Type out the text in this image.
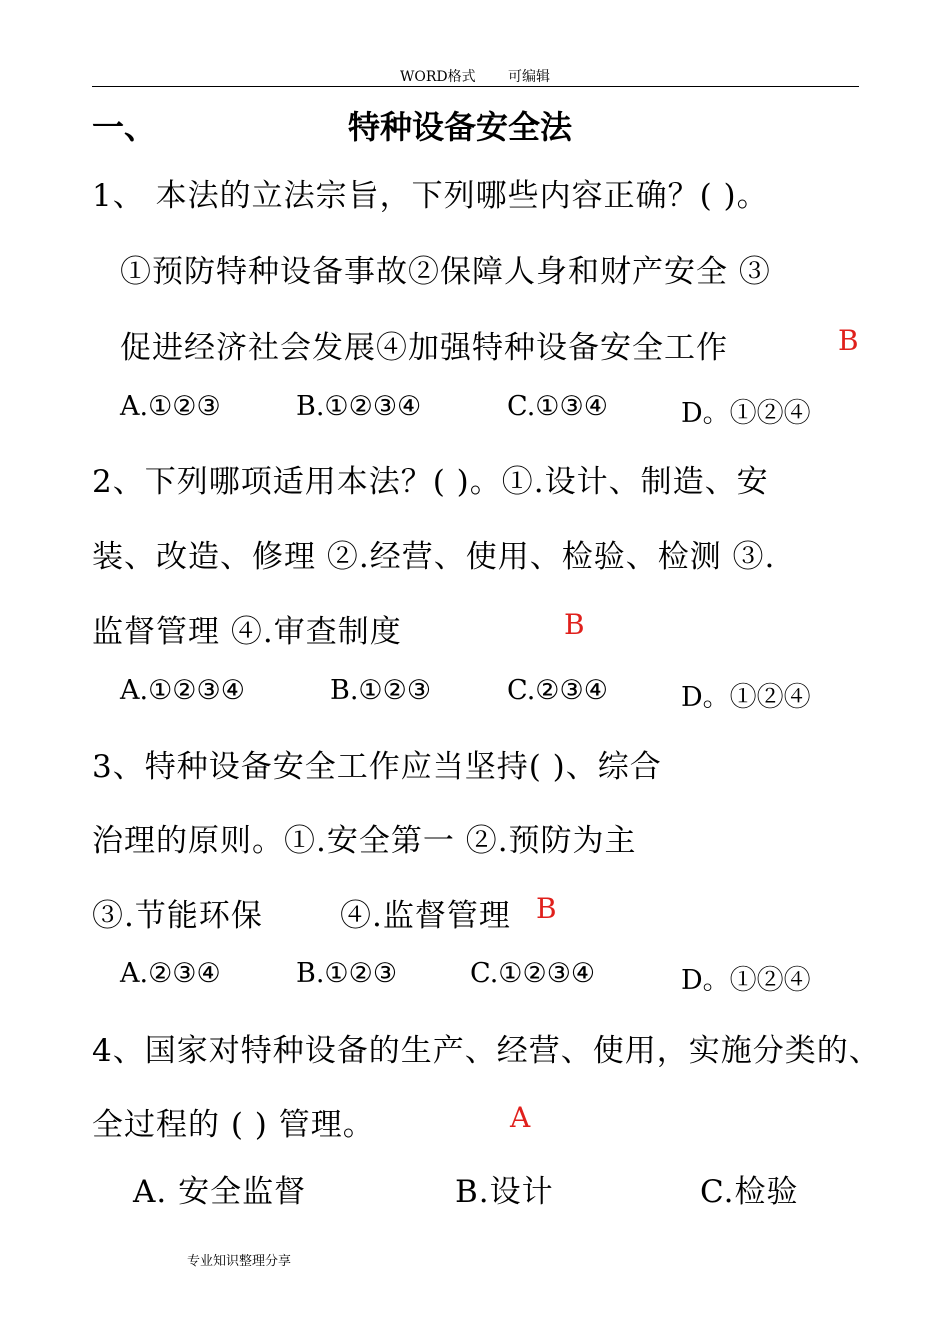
WORD格式 可编辑
一、	特种设备安全法
1、 本法的立法宗旨，下列哪些内容正确？( )。
①预防特种设备事故②保障人身和财产安全 ③
促进经济社会发展④加强特种设备安全工作	B
A.①②③	B.①②③④	C.①③④	D。①②④
2、下列哪项适用本法？( )。①.设计、制造、安
装、改造、修理 ②.经营、使用、检验、检测 ③.
监督管理 ④.审查制度	B
A.①②③④	B.①②③	C.②③④	D。①②④
3、特种设备安全工作应当坚持( )、综合
治理的原则。①.安全第一 ②.预防为主
③.节能环保 ④.监督管理 B
A.②③④	B.①②③	C.①②③④	D。①②④
4、国家对特种设备的生产、经营、使用，实施分类的、
全过程的 ( ) 管理。	A
A. 安全监督	B.设计	C.检验
专业知识整理分享
